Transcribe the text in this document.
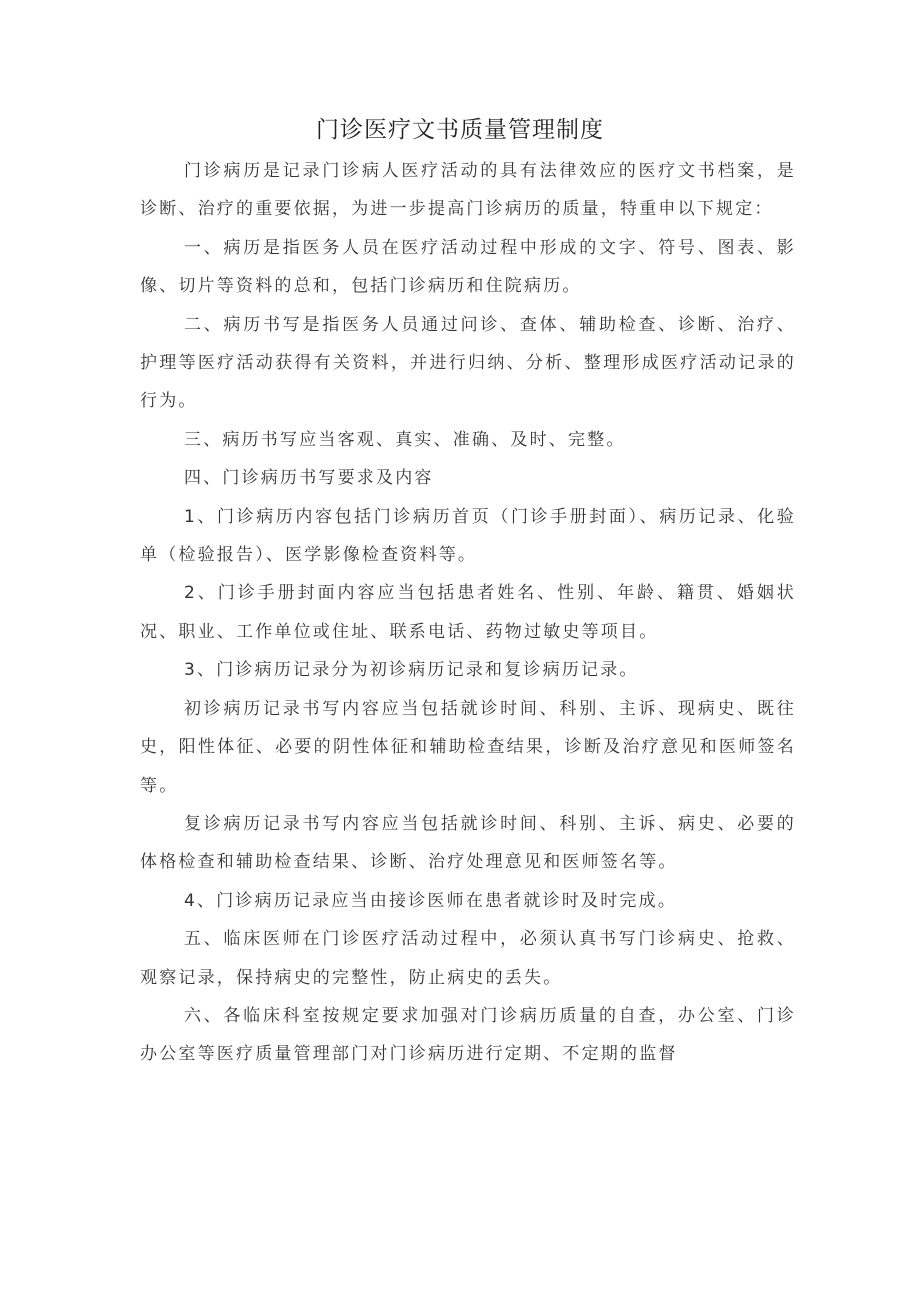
门诊医疗文书质量管理制度

门诊病历是记录门诊病人医疗活动的具有法律效应的医疗文书档案，是诊断、治疗的重要依据，为进一步提高门诊病历的质量，特重申以下规定：

一、病历是指医务人员在医疗活动过程中形成的文字、符号、图表、影像、切片等资料的总和，包括门诊病历和住院病历。

二、病历书写是指医务人员通过问诊、查体、辅助检查、诊断、治疗、护理等医疗活动获得有关资料，并进行归纳、分析、整理形成医疗活动记录的行为。

三、病历书写应当客观、真实、准确、及时、完整。

四、门诊病历书写要求及内容

1、门诊病历内容包括门诊病历首页（门诊手册封面）、病历记录、化验单（检验报告）、医学影像检查资料等。

2、门诊手册封面内容应当包括患者姓名、性别、年龄、籍贯、婚姻状况、职业、工作单位或住址、联系电话、药物过敏史等项目。

3、门诊病历记录分为初诊病历记录和复诊病历记录。

初诊病历记录书写内容应当包括就诊时间、科别、主诉、现病史、既往史，阳性体征、必要的阴性体征和辅助检查结果，诊断及治疗意见和医师签名等。

复诊病历记录书写内容应当包括就诊时间、科别、主诉、病史、必要的体格检查和辅助检查结果、诊断、治疗处理意见和医师签名等。

4、门诊病历记录应当由接诊医师在患者就诊时及时完成。

五、临床医师在门诊医疗活动过程中，必须认真书写门诊病史、抢救、观察记录，保持病史的完整性，防止病史的丢失。

六、各临床科室按规定要求加强对门诊病历质量的自查，办公室、门诊办公室等医疗质量管理部门对门诊病历进行定期、不定期的监督
